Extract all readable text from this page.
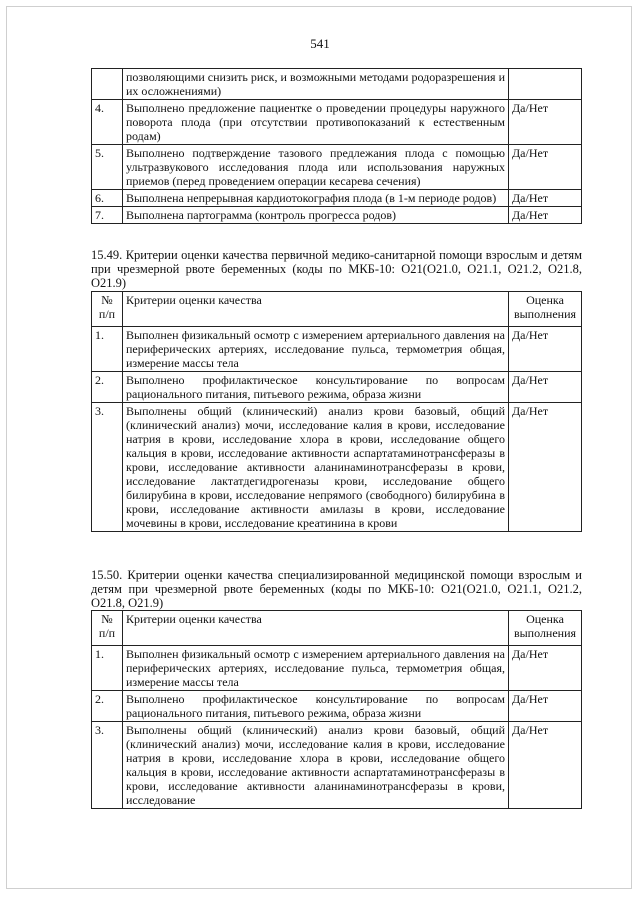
541
	позволяющими снизить риск, и возможными методами родоразрешения и их осложнениями)	
4.	Выполнено предложение пациентке о проведении процедуры наружного поворота плода (при отсутствии противопоказаний к естественным родам)	Да/Нет
5.	Выполнено подтверждение тазового предлежания плода с помощью ультразвукового исследования плода или использования наружных приемов (перед проведением операции кесарева сечения)	Да/Нет
6.	Выполнена непрерывная кардиотокография плода (в 1-м периоде родов)	Да/Нет
7.	Выполнена партограмма (контроль прогресса родов)	Да/Нет
15.49. Критерии оценки качества первичной медико-санитарной помощи взрослым и детям при чрезмерной рвоте беременных (коды по МКБ-10: O21(O21.0, O21.1, O21.2, O21.8, O21.9)
№ п/п	Критерии оценки качества	Оценка выполнения
1.	Выполнен физикальный осмотр с измерением артериального давления на периферических артериях, исследование пульса, термометрия общая, измерение массы тела	Да/Нет
2.	Выполнено профилактическое консультирование по вопросам рационального питания, питьевого режима, образа жизни	Да/Нет
3.	Выполнены общий (клинический) анализ крови базовый, общий (клинический анализ) мочи, исследование калия в крови, исследование натрия в крови, исследование хлора в крови, исследование общего кальция в крови, исследование активности аспартатаминотрансферазы в крови, исследование активности аланинаминотрансферазы в крови, исследование лактатдегидрогеназы крови, исследование общего билирубина в крови, исследование непрямого (свободного) билирубина в крови, исследование активности амилазы в крови, исследование мочевины в крови, исследование креатинина в крови	Да/Нет
15.50. Критерии оценки качества специализированной медицинской помощи взрослым и детям при чрезмерной рвоте беременных (коды по МКБ-10: O21(O21.0, O21.1, O21.2, O21.8, O21.9)
№ п/п	Критерии оценки качества	Оценка выполнения
1.	Выполнен физикальный осмотр с измерением артериального давления на периферических артериях, исследование пульса, термометрия общая, измерение массы тела	Да/Нет
2.	Выполнено профилактическое консультирование по вопросам рационального питания, питьевого режима, образа жизни	Да/Нет
3.	Выполнены общий (клинический) анализ крови базовый, общий (клинический анализ) мочи, исследование калия в крови, исследование натрия в крови, исследование хлора в крови, исследование общего кальция в крови, исследование активности аспартатаминотрансферазы в крови, исследование активности аланинаминотрансферазы в крови, исследование	Да/Нет
